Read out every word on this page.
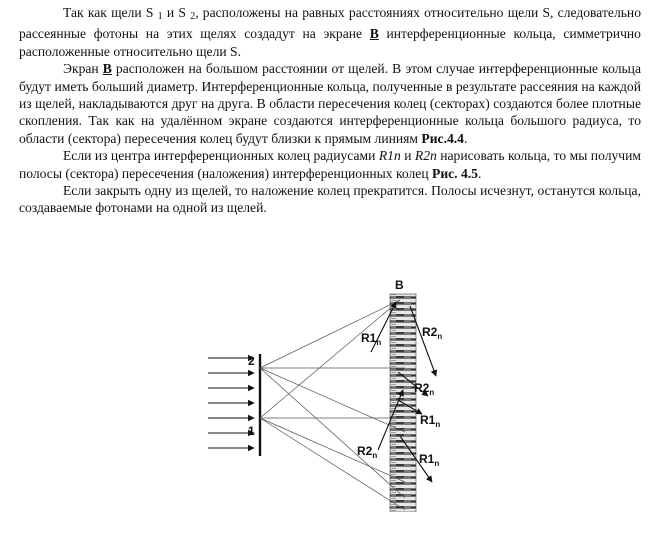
Так как щели S $_1$ и S $_2$, расположены на равных расстояниях относительно щели S, следовательно рассеянные фотоны на этих щелях создадут на экране B интерференционные кольца, симметрично расположенные относительно щели S.

Экран B расположен на большом расстоянии от щелей. В этом случае интерференционные кольца будут иметь больший диаметр. Интерференционные кольца, полученные в результате рассеяния на каждой из щелей, накладываются друг на друга. В области пересечения колец (секторах) создаются более плотные скопления. Так как на удалённом экране создаются интерференционные кольца большого радиуса, то области (сектора) пересечения колец будут близки к прямым линиям Рис.4.4.

Если из центра интерференционных колец радиусами R1n и R2n нарисовать кольца, то мы получим полосы (сектора) пересечения (наложения) интерференционных колец Рис. 4.5.

Если закрыть одну из щелей, то наложение колец прекратится. Полосы исчезнут, останутся кольца, создаваемые фотонами на одной из щелей.

2
1
B
$R1_n$
$R2_n$
$R2_n$
$R1_n$
$R2_n$	$R1_n$
